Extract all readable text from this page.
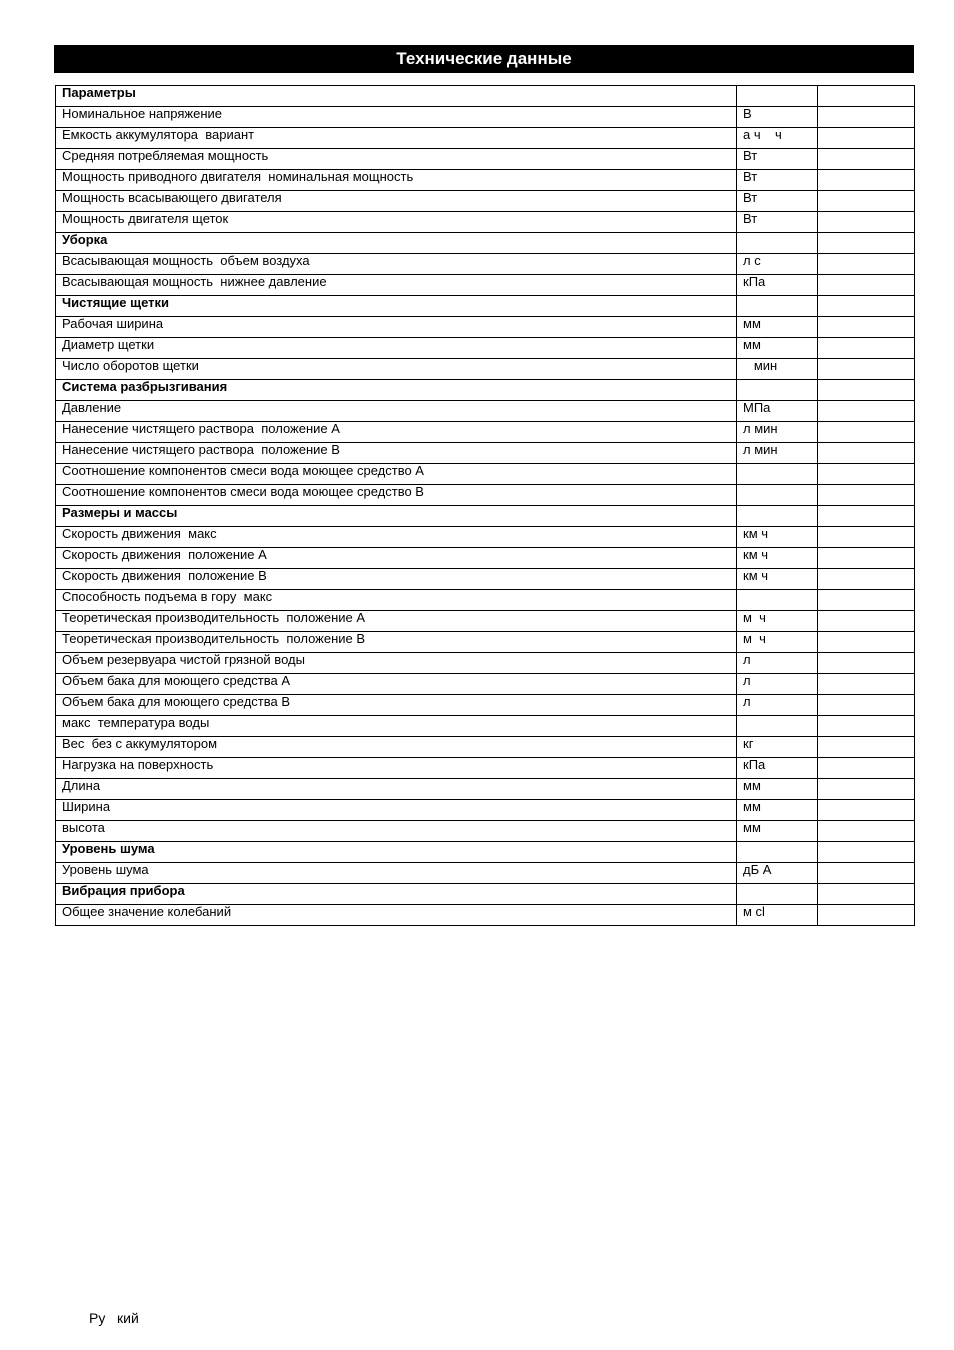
Технические данные
Параметры		
Номинальное напряжение	В	
Емкость аккумулятора  вариант	а ч    ч	
Средняя потребляемая мощность	Вт	
Мощность приводного двигателя  номинальная мощность	Вт	
Мощность всасывающего двигателя	Вт	
Мощность двигателя щеток	Вт	
Уборка		
Всасывающая мощность  объем воздуха	л с	
Всасывающая мощность  нижнее давление	кПа	
Чистящие щетки		
Рабочая ширина	мм	
Диаметр щетки	мм	
Число оборотов щетки	мин	
Система разбрызгивания		
Давление	МПа	
Нанесение чистящего раствора  положение А	л мин	
Нанесение чистящего раствора  положение В	л мин	
Соотношение компонентов смеси вода моющее средство А		
Соотношение компонентов смеси вода моющее средство В		
Размеры и массы		
Скорость движения  макс	км ч	
Скорость движения  положение А	км ч	
Скорость движения  положение В	км ч	
Способность подъема в гору  макс		
Теоретическая производительность  положение А	м  ч	
Теоретическая производительность  положение В	м  ч	
Объем резервуара чистой грязной воды	л	
Объем бака для моющего средства А	л	
Объем бака для моющего средства В	л	
макс  температура воды		
Вес  без с аккумулятором	кг	
Нагрузка на поверхность	кПа	
Длина	мм	
Ширина	мм	
высота	мм	
Уровень шума		
Уровень шума	дБ А	
Вибрация прибора		
Общее значение колебаний	м cl	
Ру   кий
